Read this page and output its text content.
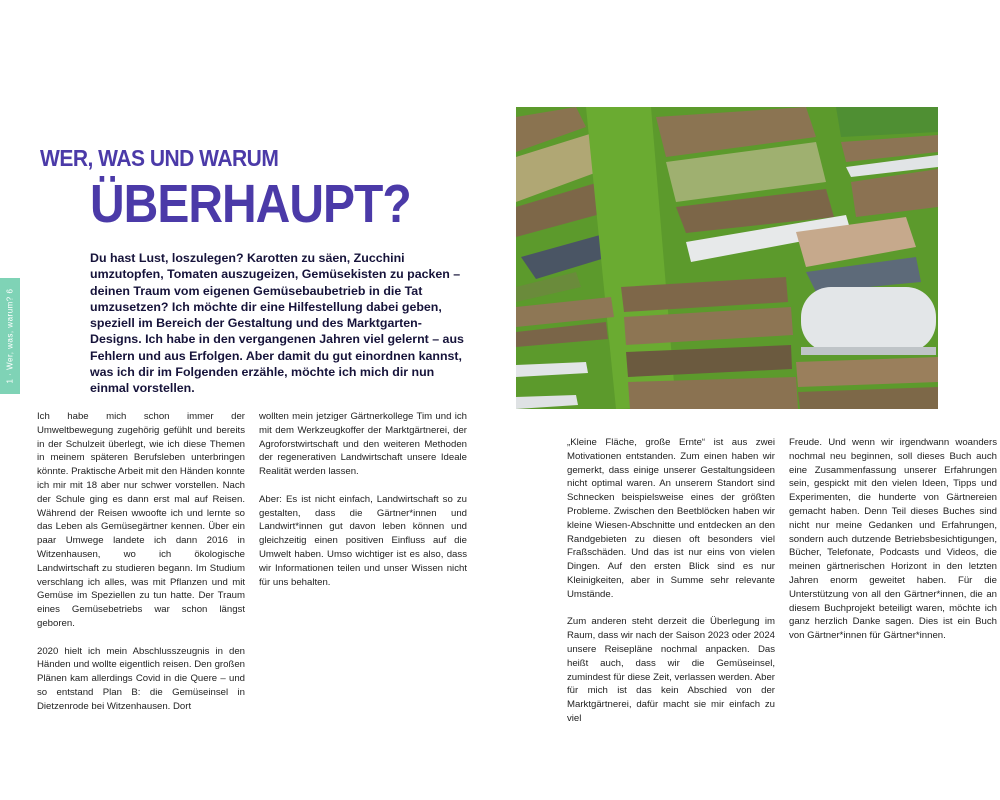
1 · Wer, was, warum? 6
WER, WAS UND WARUM
ÜBERHAUPT?
Du hast Lust, loszulegen? Karotten zu säen, Zucchini umzutopfen, Tomaten auszugeizen, Gemüsekisten zu packen – deinen Traum vom eigenen Gemüsebaubetrieb in die Tat umzusetzen? Ich möchte dir eine Hilfestellung dabei geben, speziell im Bereich der Gestaltung und des Marktgarten-Designs. Ich habe in den vergangenen Jahren viel gelernt – aus Fehlern und aus Erfolgen. Aber damit du gut einordnen kannst, was ich dir im Folgenden erzähle, möchte ich mich dir nun einmal vorstellen.

Ich habe mich schon immer der Umweltbewegung zugehörig gefühlt und bereits in der Schulzeit überlegt, wie ich diese Themen in meinem späteren Berufsleben unterbringen könnte. Praktische Arbeit mit den Händen konnte ich mir mit 18 aber nur schwer vorstellen. Nach der Schule ging es dann erst mal auf Reisen. Während der Reisen wwoofte ich und lernte so das Leben als Gemüsegärtner kennen. Über ein paar Umwege landete ich dann 2016 in Witzenhausen, wo ich ökologische Landwirtschaft zu studieren begann. Im Studium verschlang ich alles, was mit Pflanzen und mit Gemüse im Speziellen zu tun hatte. Der Traum eines Gemüsebetriebs war schon längst geboren.

2020 hielt ich mein Abschlusszeugnis in den Händen und wollte eigentlich reisen. Den großen Plänen kam allerdings Covid in die Quere – und so entstand Plan B: die Gemüseinsel in Dietzenrode bei Witzenhausen. Dort

wollten mein jetziger Gärtnerkollege Tim und ich mit dem Werkzeugkoffer der Marktgärtnerei, der Agroforstwirtschaft und den weiteren Methoden der regenerativen Landwirtschaft unsere Ideale Realität werden lassen.

Aber: Es ist nicht einfach, Landwirtschaft so zu gestalten, dass die Gärtner*innen und Landwirt*innen gut davon leben können und gleichzeitig einen positiven Einfluss auf die Umwelt haben. Umso wichtiger ist es also, dass wir Informationen teilen und unser Wissen nicht für uns behalten.

„Kleine Fläche, große Ernte“ ist aus zwei Motivationen entstanden. Zum einen haben wir gemerkt, dass einige unserer Gestaltungsideen nicht optimal waren. An unserem Standort sind Schnecken beispielsweise eines der größten Probleme. Zwischen den Beetblöcken haben wir kleine Wiesen-Abschnitte und entdecken an den Randgebieten zu diesen oft besonders viel Fraßschäden. Und das ist nur eins von vielen Dingen. Auf den ersten Blick sind es nur Kleinigkeiten, aber in Summe sehr relevante Umstände.

Zum anderen steht derzeit die Überlegung im Raum, dass wir nach der Saison 2023 oder 2024 unsere Reisepläne nochmal anpacken. Das heißt auch, dass wir die Gemüseinsel, zumindest für diese Zeit, verlassen werden. Aber für mich ist das kein Abschied von der Marktgärtnerei, dafür macht sie mir einfach zu viel

Freude. Und wenn wir irgendwann woanders nochmal neu beginnen, soll dieses Buch auch eine Zusammenfassung unserer Erfahrungen sein, gespickt mit den vielen Ideen, Tipps und Experimenten, die hunderte von Gärtnereien gemacht haben. Denn Teil dieses Buches sind nicht nur meine Gedanken und Erfahrungen, sondern auch dutzende Betriebsbesichtigungen, Bücher, Telefonate, Podcasts und Videos, die meinen gärtnerischen Horizont in den letzten Jahren enorm geweitet haben. Für die Unterstützung von all den Gärtner*innen, die an diesem Buchprojekt beteiligt waren, möchte ich ganz herzlich Danke sagen. Dies ist ein Buch von Gärtner*innen für Gärtner*innen.
